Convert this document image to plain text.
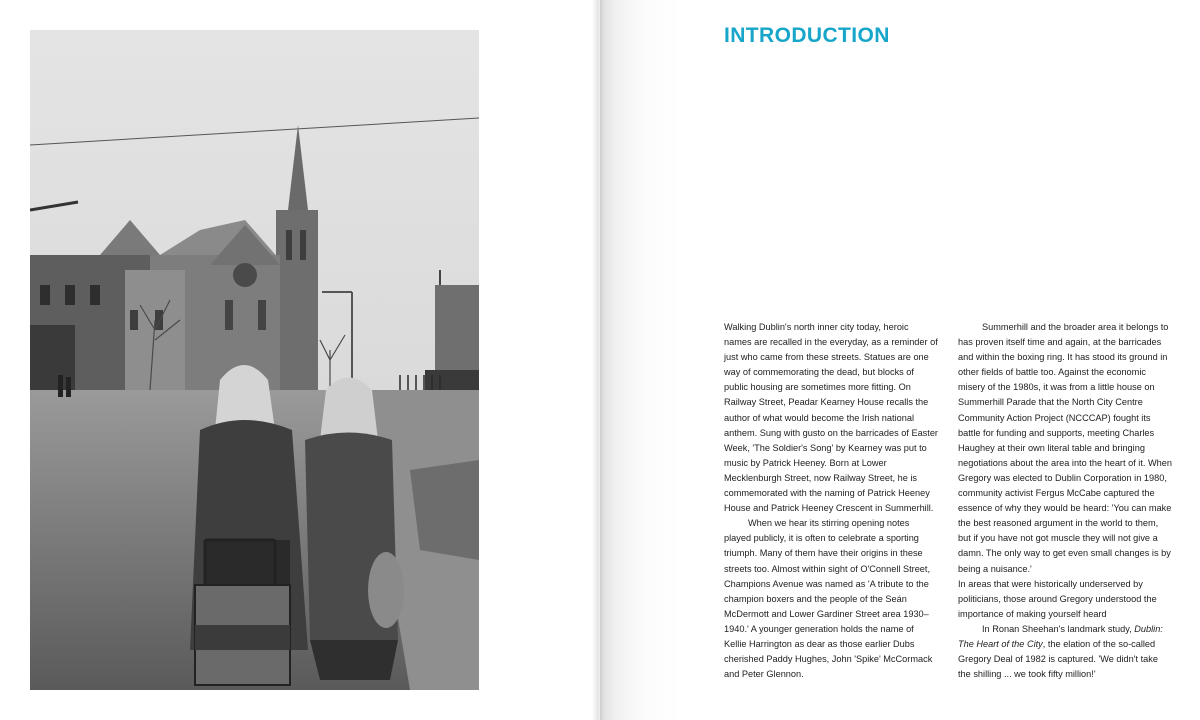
INTRODUCTION

Walking Dublin's north inner city today, heroic names are recalled in the everyday, as a reminder of just who came from these streets. Statues are one way of commemorating the dead, but blocks of public housing are sometimes more fitting. On Railway Street, Peadar Kearney House recalls the author of what would become the Irish national anthem. Sung with gusto on the barricades of Easter Week, 'The Soldier's Song' by Kearney was put to music by Patrick Heeney. Born at Lower Mecklenburgh Street, now Railway Street, he is commemorated with the naming of Patrick Heeney House and Patrick Heeney Crescent in Summerhill.

When we hear its stirring opening notes played publicly, it is often to celebrate a sporting triumph. Many of them have their origins in these streets too. Almost within sight of O'Connell Street, Champions Avenue was named as 'A tribute to the champion boxers and the people of the Seán McDermott and Lower Gardiner Street area 1930–1940.' A younger generation holds the name of Kellie Harrington as dear as those earlier Dubs cherished Paddy Hughes, John 'Spike' McCormack and Peter Glennon.

Summerhill and the broader area it belongs to has proven itself time and again, at the barricades and within the boxing ring. It has stood its ground in other fields of battle too. Against the economic misery of the 1980s, it was from a little house on Summerhill Parade that the North City Centre Community Action Project (NCCCAP) fought its battle for funding and supports, meeting Charles Haughey at their own literal table and bringing negotiations about the area into the heart of it. When Gregory was elected to Dublin Corporation in 1980, community activist Fergus McCabe captured the essence of why they would be heard: 'You can make the best reasoned argument in the world to them, but if you have not got muscle they will not give a damn. The only way to get even small changes is by being a nuisance.'

In areas that were historically underserved by politicians, those around Gregory understood the importance of making yourself heard

In Ronan Sheehan's landmark study, Dublin: The Heart of the City, the elation of the so-called Gregory Deal of 1982 is captured. 'We didn't take the shilling ... we took fifty million!'
